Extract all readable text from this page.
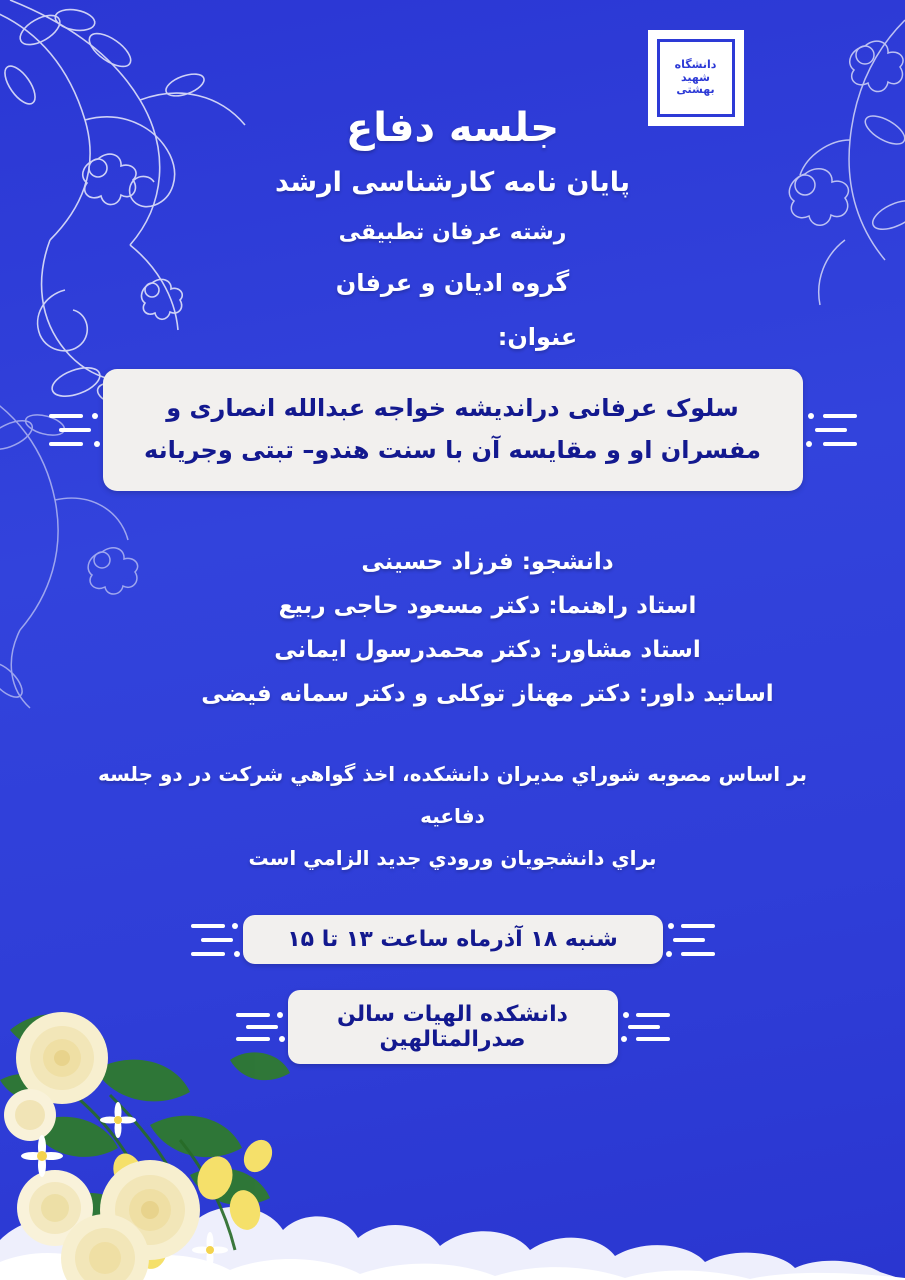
دانشگاه شهید بهشتی
جلسه دفاع
پایان نامه کارشناسی ارشد
رشته عرفان تطبیقی
گروه ادیان و عرفان
عنوان:
سلوک عرفانی دراندیشه خواجه عبدالله انصاری و
مفسران او و مقایسه آن با سنت هندو– تبتی وجریانه
دانشجو: فرزاد حسینی
استاد راهنما: دکتر مسعود حاجی ربیع
استاد مشاور: دکتر محمدرسول ایمانی
اساتید داور: دکتر مهناز توکلی و دکتر سمانه فیضی
بر اساس مصوبه شوراي مديران دانشكده، اخذ گواهي شركت در دو جلسه دفاعيه
براي دانشجويان ورودي جديد الزامي است
شنبه ۱۸ آذرماه ساعت ۱۳ تا ۱۵
دانشکده الهیات سالن صدرالمتالهین
